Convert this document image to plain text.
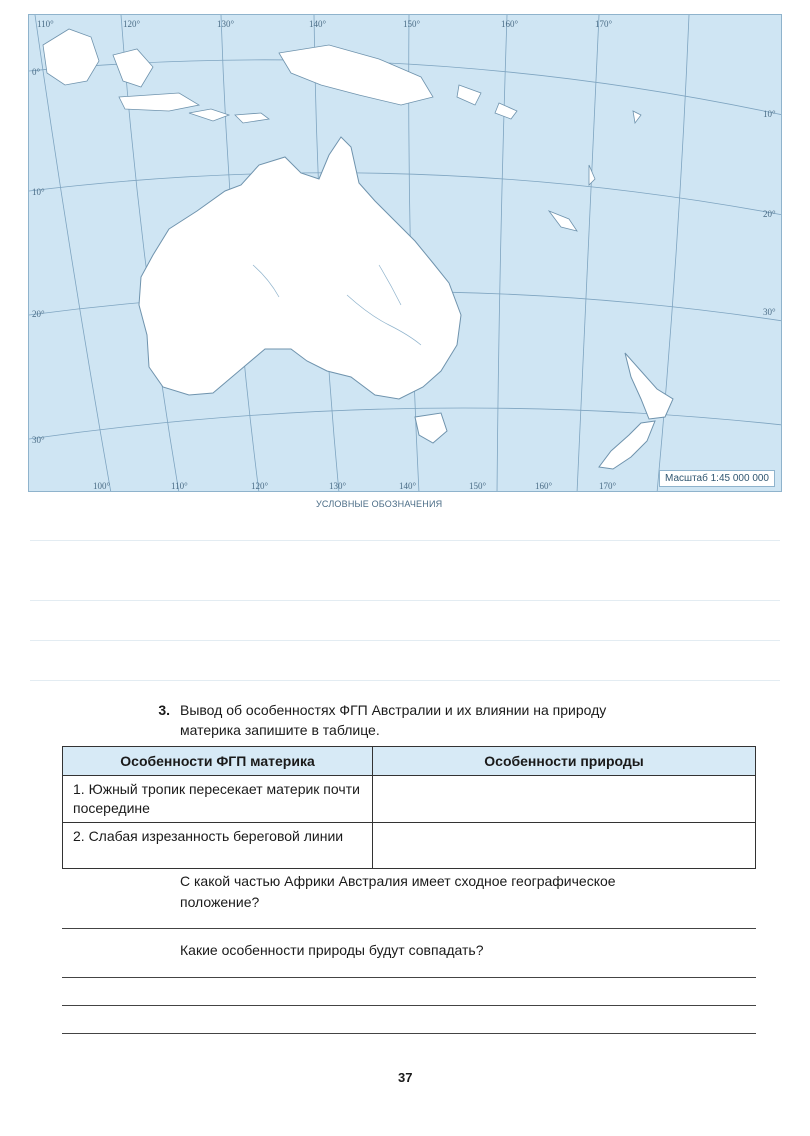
110°	120°	130°	140°	150°	160°	170°
100°	110°	120°	130°	140°	150°	160°	170°
0°
10°
20°
30°
10°
20°
30°
Масштаб 1:45 000 000
УСЛОВНЫЕ ОБОЗНАЧЕНИЯ
3. Вывод об особенностях ФГП Австралии и их влиянии на природу материка запишите в таблице.
Особенности ФГП материка	Особенности природы
1. Южный тропик пересекает материк почти посередине	
2. Слабая изрезанность береговой линии	
С какой частью Африки Австралия имеет сходное географическое положение?
Какие особенности природы будут совпадать?
37
